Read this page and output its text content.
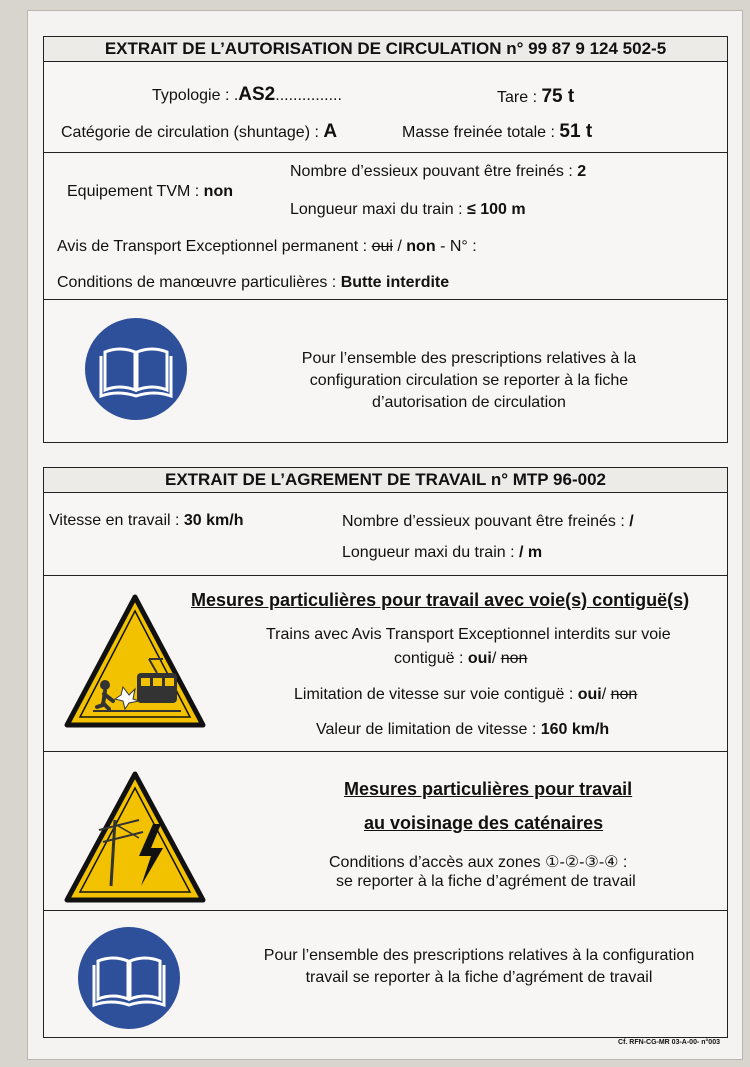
EXTRAIT DE L’AUTORISATION DE CIRCULATION n° 99 87 9 124 502-5
Typologie : .AS2...............	Tare : 75 t
Catégorie de circulation (shuntage) : A	Masse freinée totale : 51 t
Nombre d’essieux pouvant être freinés : 2
Equipement TVM : non
Longueur maxi du train : ≤ 100 m
Avis de Transport Exceptionnel permanent : oui / non - N° :
Conditions de manœuvre particulières : Butte interdite
Pour l’ensemble des prescriptions relatives à la configuration circulation se reporter à la fiche d’autorisation de circulation
EXTRAIT DE L’AGREMENT DE TRAVAIL n° MTP 96-002
Vitesse en travail : 30 km/h	Nombre d’essieux pouvant être freinés : /
Longueur maxi du train : / m
Mesures particulières pour travail avec voie(s) contiguë(s)
Trains avec Avis Transport Exceptionnel interdits sur voie
contiguë : oui/ non
Limitation de vitesse sur voie contiguë : oui/ non
Valeur de limitation de vitesse : 160 km/h
Mesures particulières pour travail
au voisinage des caténaires
Conditions d’accès aux zones ①-②-③-④ :
se reporter à la fiche d’agrément de travail
Pour l’ensemble des prescriptions relatives à la configuration travail se reporter à la fiche d’agrément de travail
Cf. RFN-CG-MR 03-A-00- n°003
